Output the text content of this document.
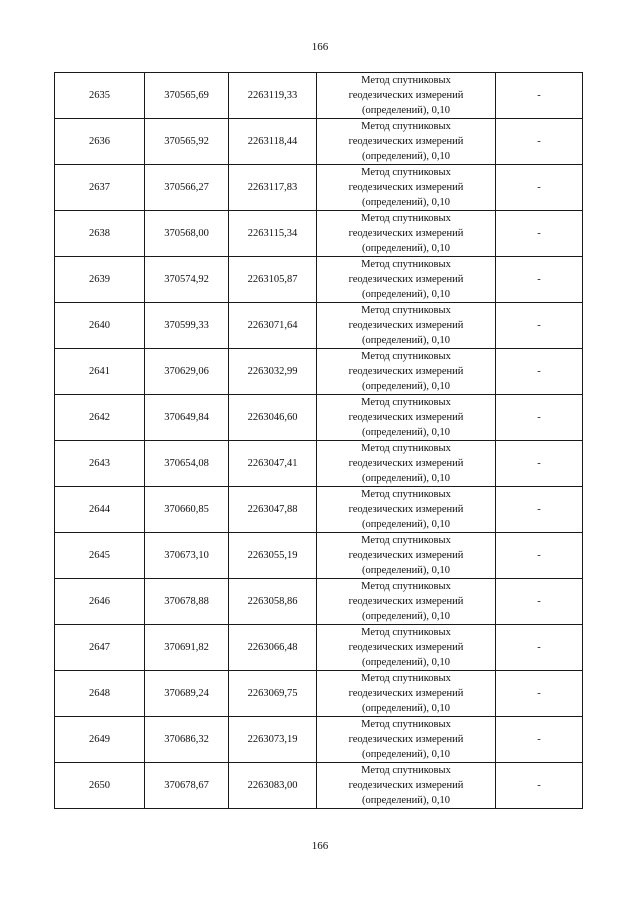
166
2635	370565,69	2263119,33	Метод спутниковых
геодезических измерений
(определений), 0,10	-
2636	370565,92	2263118,44	Метод спутниковых
геодезических измерений
(определений), 0,10	-
2637	370566,27	2263117,83	Метод спутниковых
геодезических измерений
(определений), 0,10	-
2638	370568,00	2263115,34	Метод спутниковых
геодезических измерений
(определений), 0,10	-
2639	370574,92	2263105,87	Метод спутниковых
геодезических измерений
(определений), 0,10	-
2640	370599,33	2263071,64	Метод спутниковых
геодезических измерений
(определений), 0,10	-
2641	370629,06	2263032,99	Метод спутниковых
геодезических измерений
(определений), 0,10	-
2642	370649,84	2263046,60	Метод спутниковых
геодезических измерений
(определений), 0,10	-
2643	370654,08	2263047,41	Метод спутниковых
геодезических измерений
(определений), 0,10	-
2644	370660,85	2263047,88	Метод спутниковых
геодезических измерений
(определений), 0,10	-
2645	370673,10	2263055,19	Метод спутниковых
геодезических измерений
(определений), 0,10	-
2646	370678,88	2263058,86	Метод спутниковых
геодезических измерений
(определений), 0,10	-
2647	370691,82	2263066,48	Метод спутниковых
геодезических измерений
(определений), 0,10	-
2648	370689,24	2263069,75	Метод спутниковых
геодезических измерений
(определений), 0,10	-
2649	370686,32	2263073,19	Метод спутниковых
геодезических измерений
(определений), 0,10	-
2650	370678,67	2263083,00	Метод спутниковых
геодезических измерений
(определений), 0,10	-
166
